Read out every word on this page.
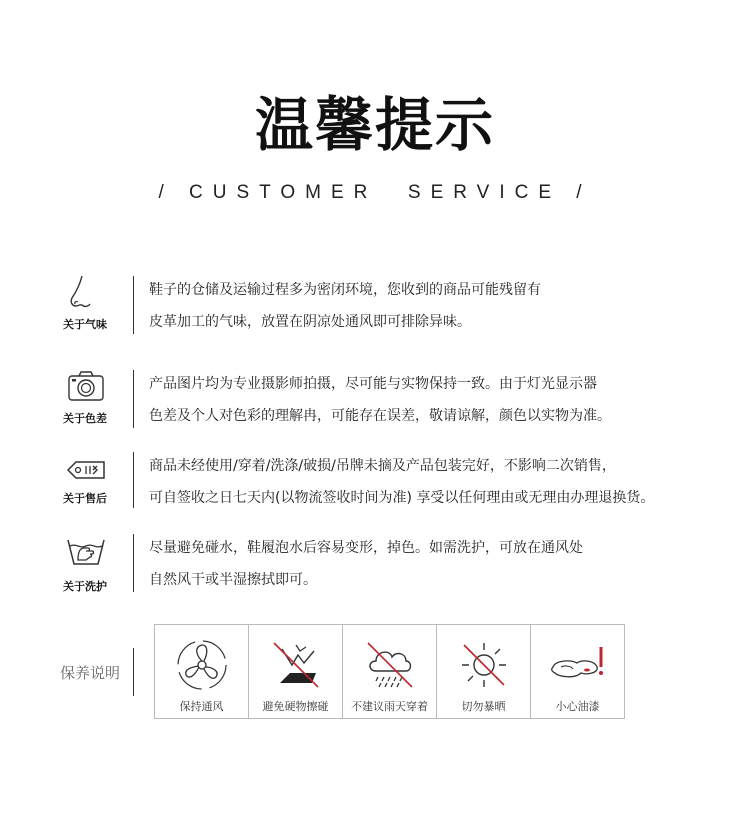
温馨提示
/ CUSTOMER  SERVICE /
关于气味
鞋子的仓储及运输过程多为密闭环境，您收到的商品可能残留有
皮革加工的气味，放置在阴凉处通风即可排除异味。
关于色差
产品图片均为专业摄影师拍摄，尽可能与实物保持一致。由于灯光显示器
色差及个人对色彩的理解冉，可能存在误差，敬请谅解，颜色以实物为准。
关于售后
商品未经使用/穿着/洗涤/破损/吊牌未摘及产品包装完好，不影响二次销售，
可自签收之日七天内(以物流签收时间为准) 享受以任何理由或无理由办理退换货。
关于洗护
尽量避免碰水，鞋履泡水后容易变形，掉色。如需洗护，可放在通风处
自然风干或半湿擦拭即可。
保养说明
保持通风	避免硬物擦碰	不建议雨天穿着	切勿暴晒	小心油漆
